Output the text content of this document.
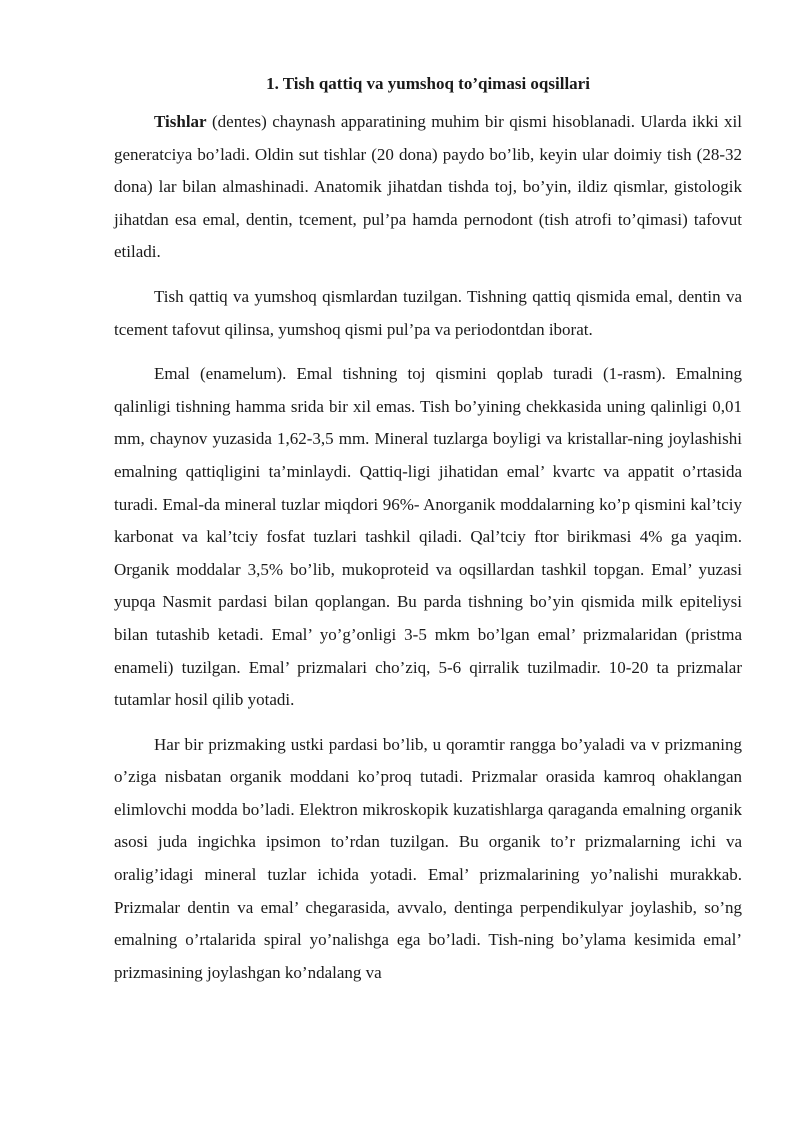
1. Tish qattiq va yumshoq to’qimasi oqsillari

Tishlar (dentes) chaynash apparatining muhim bir qismi hisoblanadi. Ularda ikki xil generatciya bo’ladi. Oldin sut tishlar (20 dona) paydo bo’lib, keyin ular doimiy tish (28-32 dona) lar bilan almashinadi. Anatomik jihatdan tishda toj, bo’yin, ildiz qismlar, gistologik jihatdan esa emal, dentin, tcement, pul’pa hamda pernodont (tish atrofi to’qimasi) tafovut etiladi.

Tish qattiq va yumshoq qismlardan tuzilgan. Tishning qattiq qismida emal, dentin va tcement tafovut qilinsa, yumshoq qismi pul’pa va periodontdan iborat.

Emal (enamelum). Emal tishning toj qismini qoplab turadi (1-rasm). Emalning qalinligi tishning hamma srida bir xil emas. Tish bo’yining chekkasida uning qalinligi 0,01 mm, chaynov yuzasida 1,62-3,5 mm. Mineral tuzlarga boyligi va kristallar-ning joylashishi emalning qattiqligini ta’minlaydi. Qattiq-ligi jihatidan emal’ kvartc va appatit o’rtasida turadi. Emal-da mineral tuzlar miqdori 96%- Anorganik moddalarning ko’p qismini kal’tciy karbonat va kal’tciy fosfat tuzlari tashkil qiladi. Qal’tciy ftor birikmasi 4% ga yaqim. Organik moddalar 3,5% bo’lib, mukoproteid va oqsillardan tashkil topgan. Emal’ yuzasi yupqa Nasmit pardasi bilan qoplangan. Bu parda tishning bo’yin qismida milk epiteliysi bilan tutashib ketadi. Emal’ yo’g’onligi 3-5 mkm bo’lgan emal’ prizmalaridan (pristma enameli) tuzilgan. Emal’ prizmalari cho’ziq, 5-6 qirralik tuzilmadir. 10-20 ta prizmalar tutamlar hosil qilib yotadi.

Har bir prizmaking ustki pardasi bo’lib, u qoramtir rangga bo’yaladi va v prizmaning o’ziga nisbatan organik moddani ko’proq tutadi. Prizmalar orasida kamroq ohaklangan elimlovchi modda bo’ladi. Elektron mikroskopik kuzatishlarga qaraganda emalning organik asosi juda ingichka ipsimon to’rdan tuzilgan. Bu organik to’r prizmalarning ichi va oralig’idagi mineral tuzlar ichida yotadi. Emal’ prizmalarining yo’nalishi murakkab. Prizmalar dentin va emal’ chegarasida, avvalo, dentinga perpendikulyar joylashib, so’ng emalning o’rtalarida spiral yo’nalishga ega bo’ladi. Tish-ning bo’ylama kesimida emal’ prizmasining joylashgan ko’ndalang va
